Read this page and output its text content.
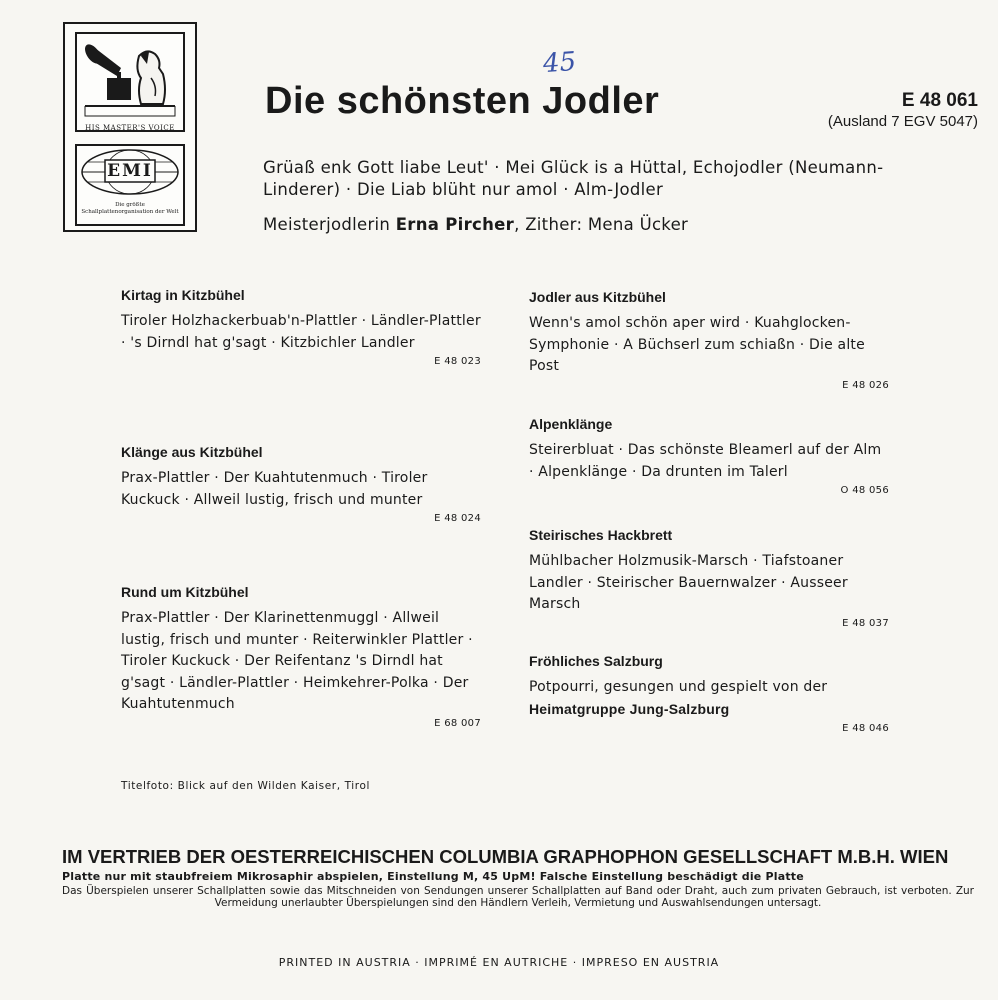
HIS MASTER'S VOICE
EMI
Die größte Schallplattenorganisation der Welt
45
Die schönsten Jodler	E 48 061
(Ausland 7 EGV 5047)
Grüaß enk Gott liabe Leut' · Mei Glück is a Hüttal, Echojodler (Neumann-
Linderer) · Die Liab blüht nur amol · Alm-Jodler
Meisterjodlerin Erna Pircher, Zither: Mena Ücker
Kirtag in Kitzbühel
Tiroler Holzhackerbuab'n-Plattler · Ländler-Plattler · 's Dirndl hat g'sagt · Kitzbichler Landler
E 48 023
Klänge aus Kitzbühel
Prax-Plattler · Der Kuahtutenmuch · Tiroler Kuckuck · Allweil lustig, frisch und munter
E 48 024
Rund um Kitzbühel
Prax-Plattler · Der Klarinettenmuggl · Allweil lustig, frisch und munter · Reiterwinkler Plattler · Tiroler Kuckuck · Der Reifentanz 's Dirndl hat g'sagt · Ländler-Plattler · Heimkehrer-Polka · Der Kuahtutenmuch
E 68 007
Jodler aus Kitzbühel
Wenn's amol schön aper wird · Kuahglocken-Symphonie · A Büchserl zum schiaßn · Die alte Post
E 48 026
Alpenklänge
Steirerbluat · Das schönste Bleamerl auf der Alm · Alpenklänge · Da drunten im Talerl
O 48 056
Steirisches Hackbrett
Mühlbacher Holzmusik-Marsch · Tiafstoaner Landler · Steirischer Bauernwalzer · Ausseer Marsch
E 48 037
Fröhliches Salzburg
Potpourri, gesungen und gespielt von der
Heimatgruppe Jung-Salzburg
E 48 046
Titelfoto: Blick auf den Wilden Kaiser, Tirol
IM VERTRIEB DER OESTERREICHISCHEN COLUMBIA GRAPHOPHON GESELLSCHAFT M.B.H. WIEN
Platte nur mit staubfreiem Mikrosaphir abspielen, Einstellung M, 45 UpM! Falsche Einstellung beschädigt die Platte
Das Überspielen unserer Schallplatten sowie das Mitschneiden von Sendungen unserer Schallplatten auf Band oder Draht, auch zum privaten Gebrauch, ist verboten. Zur Vermeidung unerlaubter Überspielungen sind den Händlern Verleih, Vermietung und Auswahlsendungen untersagt.
PRINTED IN AUSTRIA · IMPRIMÉ EN AUTRICHE · IMPRESO EN AUSTRIA
